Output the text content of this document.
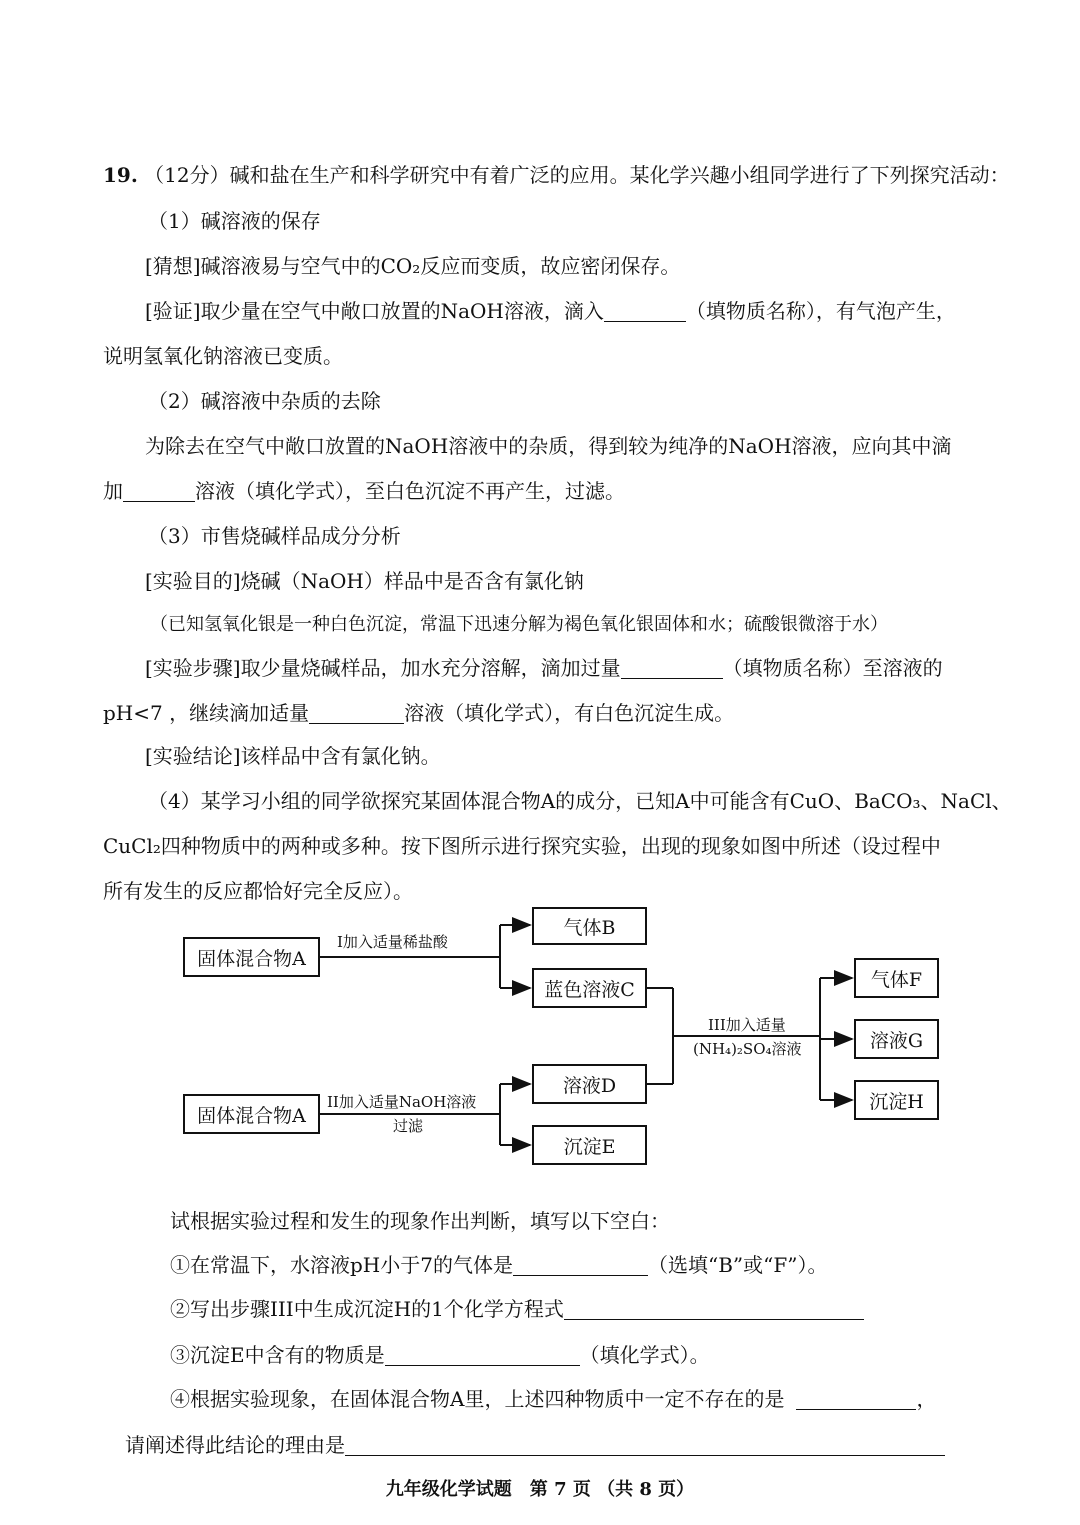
19. （12分）碱和盐在生产和科学研究中有着广泛的应用。某化学兴趣小组同学进行了下列探究活动：
（1）碱溶液的保存
[猜想]碱溶液易与空气中的CO₂反应而变质，故应密闭保存。
[验证]取少量在空气中敞口放置的NaOH溶液，滴入	（填物质名称），有气泡产生，
说明氢氧化钠溶液已变质。
（2）碱溶液中杂质的去除
为除去在空气中敞口放置的NaOH溶液中的杂质，得到较为纯净的NaOH溶液，应向其中滴
加	溶液（填化学式），至白色沉淀不再产生，过滤。
（3）市售烧碱样品成分分析
[实验目的]烧碱（NaOH）样品中是否含有氯化钠
（已知氢氧化银是一种白色沉淀，常温下迅速分解为褐色氧化银固体和水；硫酸银微溶于水）
[实验步骤]取少量烧碱样品，加水充分溶解，滴加过量	（填物质名称）至溶液的
pH<7 ，继续滴加适量	溶液（填化学式），有白色沉淀生成。
[实验结论]该样品中含有氯化钠。
（4）某学习小组的同学欲探究某固体混合物A的成分，已知A中可能含有CuO、BaCO₃、NaCl、
CuCl₂四种物质中的两种或多种。按下图所示进行探究实验，出现的现象如图中所述（设过程中
所有发生的反应都恰好完全反应）。
固体混合物A
固体混合物A
气体B
蓝色溶液C
溶液D
沉淀E
气体F
溶液G
沉淀H
I加入适量稀盐酸
II加入适量NaOH溶液
过滤
III加入适量
(NH₄)₂SO₄溶液
试根据实验过程和发生的现象作出判断，填写以下空白：
①在常温下，水溶液pH小于7的气体是	（选填“B”或“F”）。
②写出步骤III中生成沉淀H的1个化学方程式
③沉淀E中含有的物质是	（填化学式）。
④根据实验现象，在固体混合物A里，上述四种物质中一定不存在的是	，
请阐述得此结论的理由是
九年级化学试题　第 7 页 （共 8 页）
